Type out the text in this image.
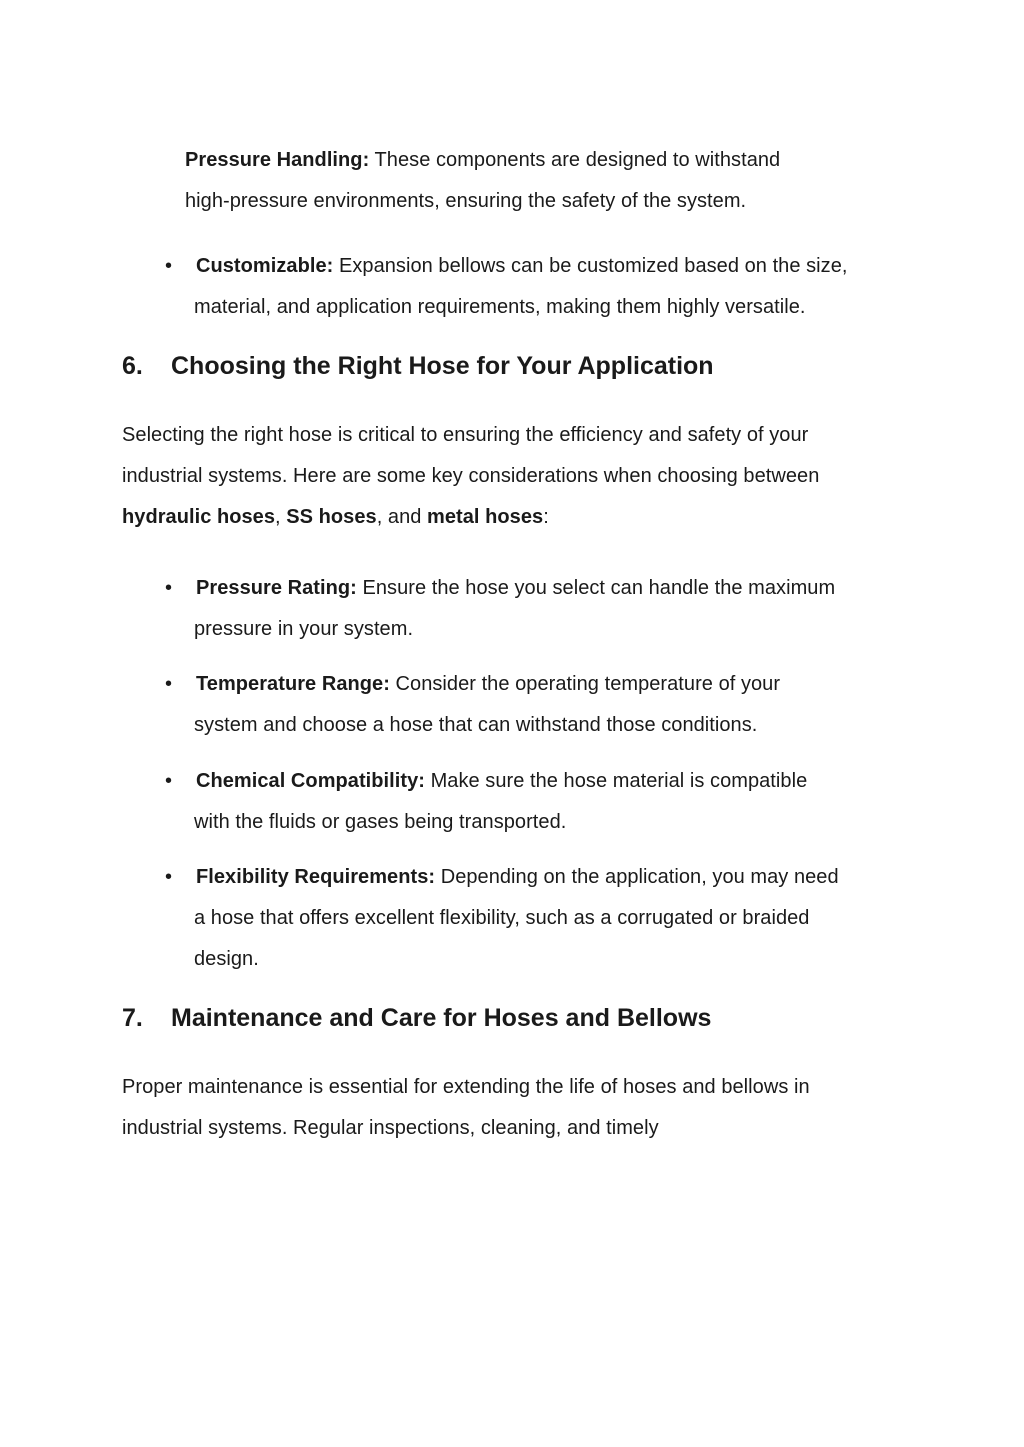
Pressure Handling: These components are designed to withstand
high-pressure environments, ensuring the safety of the system.
•	Customizable: Expansion bellows can be customized based on the size,
material, and application requirements, making them highly versatile.
6. Choosing the Right Hose for Your Application
Selecting the right hose is critical to ensuring the efficiency and safety of your
industrial systems. Here are some key considerations when choosing between
hydraulic hoses, SS hoses, and metal hoses:
•	Pressure Rating: Ensure the hose you select can handle the maximum
pressure in your system.
•	Temperature Range: Consider the operating temperature of your
system and choose a hose that can withstand those conditions.
•	Chemical Compatibility: Make sure the hose material is compatible
with the fluids or gases being transported.
•	Flexibility Requirements: Depending on the application, you may need
a hose that offers excellent flexibility, such as a corrugated or braided
design.
7. Maintenance and Care for Hoses and Bellows
Proper maintenance is essential for extending the life of hoses and bellows in
industrial systems. Regular inspections, cleaning, and timely
